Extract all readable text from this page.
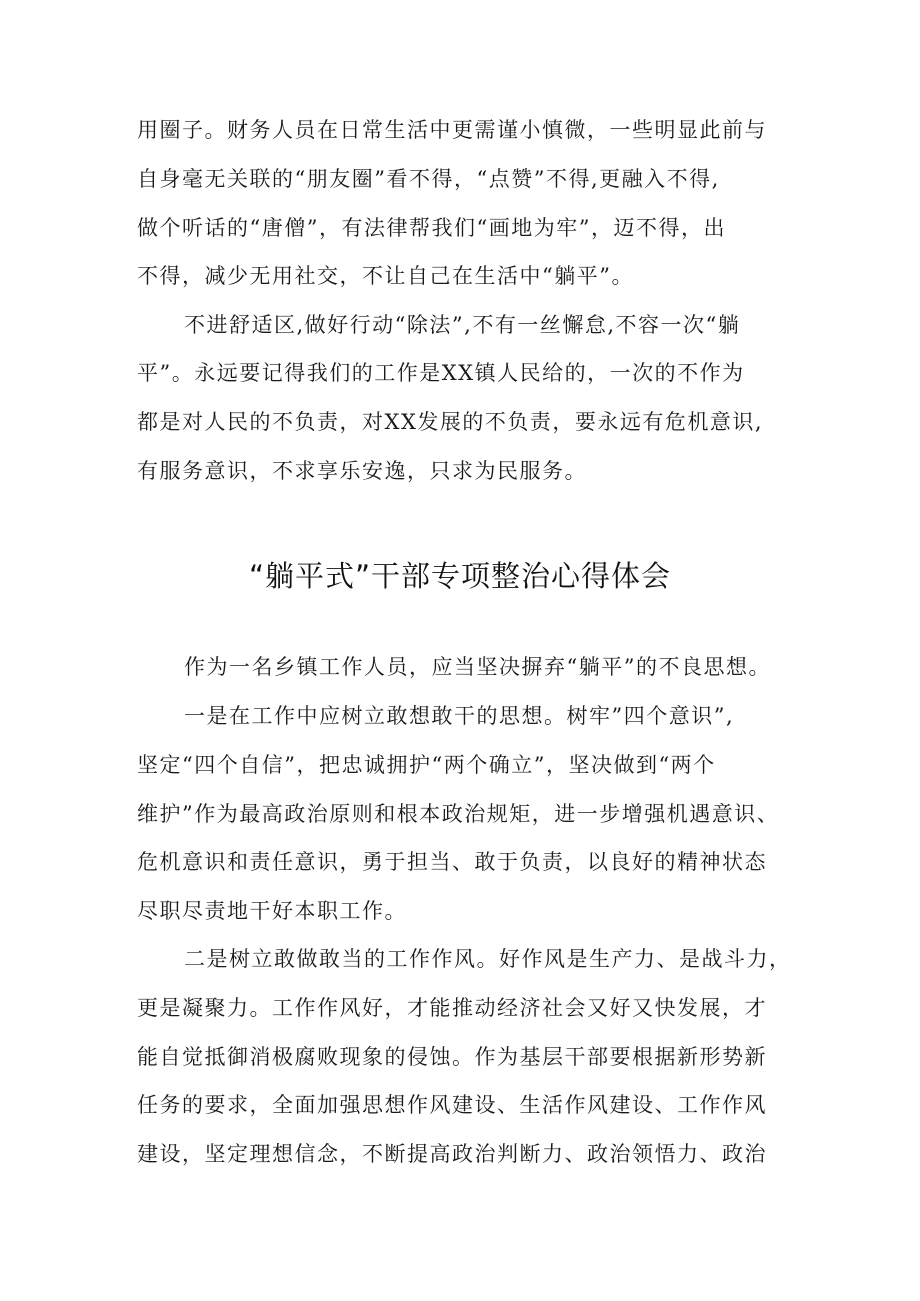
用圈子。财务人员在日常生活中更需谨小慎微，一些明显此前与
自身毫无关联的“朋友圈”看不得，“点赞”不得,更融入不得,
做个听话的“唐僧”，有法律帮我们“画地为牢”，迈不得，出
不得，减少无用社交，不让自己在生活中“躺平”。
不进舒适区,做好行动“除法”,不有一丝懈怠,不容一次“躺
平”。永远要记得我们的工作是XX镇人民给的，一次的不作为
都是对人民的不负责，对XX发展的不负责，要永远有危机意识,
有服务意识，不求享乐安逸，只求为民服务。
“躺平式”干部专项整治心得体会
作为一名乡镇工作人员，应当坚决摒弃“躺平”的不良思想。
一是在工作中应树立敢想敢干的思想。树牢”四个意识”,
坚定“四个自信”，把忠诚拥护“两个确立”，坚决做到“两个
维护”作为最高政治原则和根本政治规矩，进一步增强机遇意识、
危机意识和责任意识，勇于担当、敢于负责，以良好的精神状态
尽职尽责地干好本职工作。
二是树立敢做敢当的工作作风。好作风是生产力、是战斗力，
更是凝聚力。工作作风好，才能推动经济社会又好又快发展，才
能自觉抵御消极腐败现象的侵蚀。作为基层干部要根据新形势新
任务的要求，全面加强思想作风建设、生活作风建设、工作作风
建设，坚定理想信念，不断提高政治判断力、政治领悟力、政治
